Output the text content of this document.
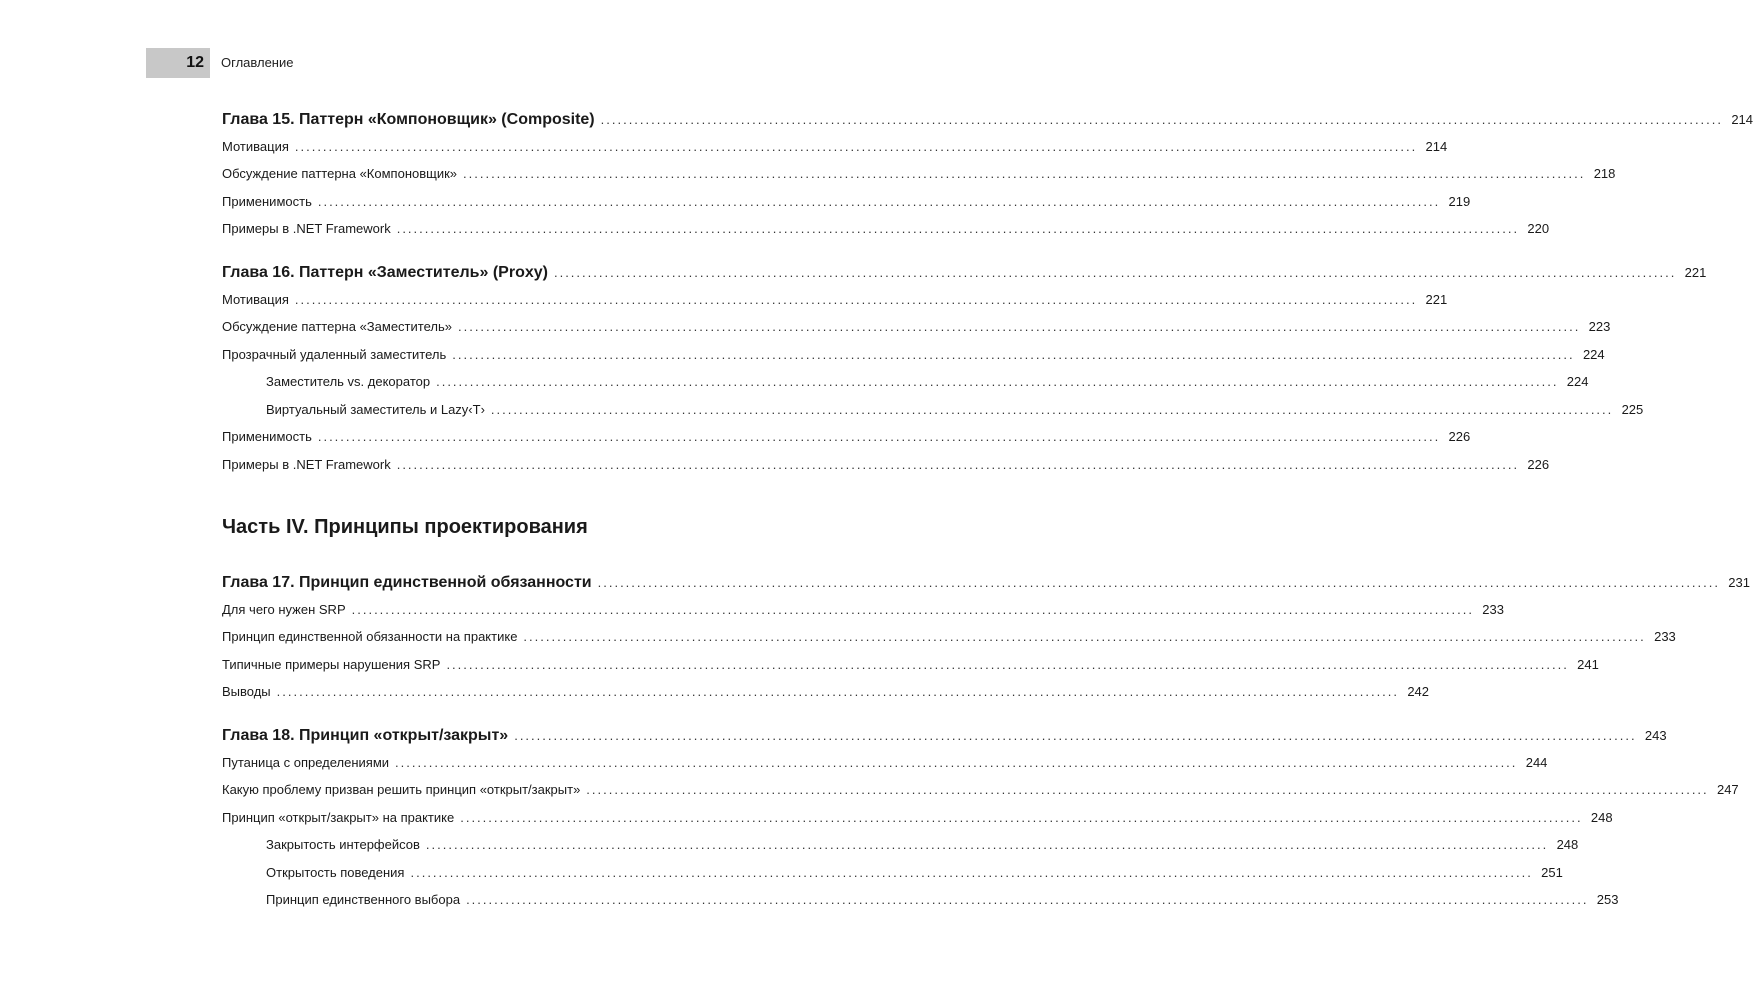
12	Оглавление
Часть IV. Принципы проектирования
Глава 15. Паттерн «Компоновщик» (Composite) ........................................................................................................................................................................................................ 214
Мотивация ........................................................................................................................................................................................................ 214
Обсуждение паттерна «Компоновщик» ........................................................................................................................................................................................................ 218
Применимость ........................................................................................................................................................................................................ 219
Примеры в .NET Framework ........................................................................................................................................................................................................ 220
Глава 16. Паттерн «Заместитель» (Proxy) ........................................................................................................................................................................................................ 221
Мотивация ........................................................................................................................................................................................................ 221
Обсуждение паттерна «Заместитель» ........................................................................................................................................................................................................ 223
Прозрачный удаленный заместитель ........................................................................................................................................................................................................ 224
Заместитель vs. декоратор ........................................................................................................................................................................................................ 224
Виртуальный заместитель и Lazy‹T› ........................................................................................................................................................................................................ 225
Применимость ........................................................................................................................................................................................................ 226
Примеры в .NET Framework ........................................................................................................................................................................................................ 226
Глава 17. Принцип единственной обязанности ........................................................................................................................................................................................................ 231
Для чего нужен SRP ........................................................................................................................................................................................................ 233
Принцип единственной обязанности на практике ........................................................................................................................................................................................................ 233
Типичные примеры нарушения SRP ........................................................................................................................................................................................................ 241
Выводы ........................................................................................................................................................................................................ 242
Глава 18. Принцип «открыт/закрыт» ........................................................................................................................................................................................................ 243
Путаница с определениями ........................................................................................................................................................................................................ 244
Какую проблему призван решить принцип «открыт/закрыт» ........................................................................................................................................................................................................ 247
Принцип «открыт/закрыт» на практике ........................................................................................................................................................................................................ 248
Закрытость интерфейсов ........................................................................................................................................................................................................ 248
Открытость поведения ........................................................................................................................................................................................................ 251
Принцип единственного выбора ........................................................................................................................................................................................................ 253
